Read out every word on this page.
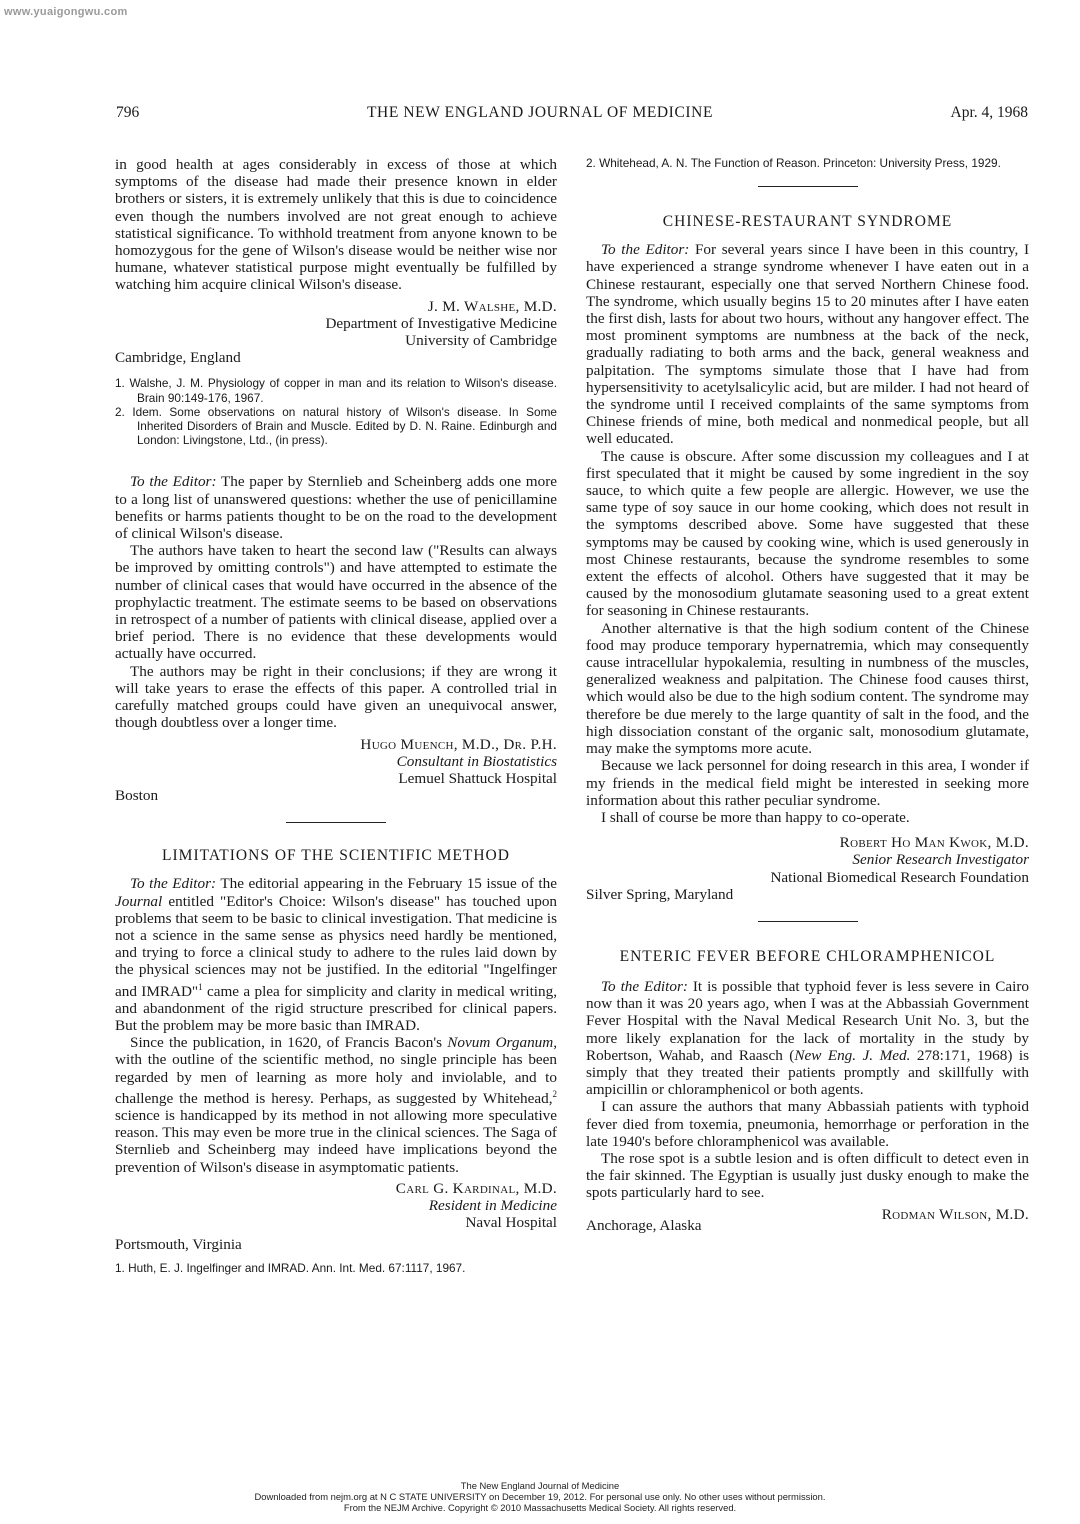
www.yuaigongwu.com
796	THE NEW ENGLAND JOURNAL OF MEDICINE	Apr. 4, 1968

in good health at ages considerably in excess of those at which symptoms of the disease had made their presence known in elder brothers or sisters, it is extremely unlikely that this is due to coincidence even though the numbers involved are not great enough to achieve statistical significance. To withhold treatment from anyone known to be homozygous for the gene of Wilson's disease would be neither wise nor humane, whatever statistical purpose might eventually be fulfilled by watching him acquire clinical Wilson's disease.

J. M. Walshe, M.D.
Department of Investigative Medicine
University of Cambridge
Cambridge, England

1. Walshe, J. M. Physiology of copper in man and its relation to Wilson's disease. Brain 90:149-176, 1967.

2. Idem. Some observations on natural history of Wilson's disease. In Some Inherited Disorders of Brain and Muscle. Edited by D. N. Raine. Edinburgh and London: Livingstone, Ltd., (in press).

To the Editor: The paper by Sternlieb and Scheinberg adds one more to a long list of unanswered questions: whether the use of penicillamine benefits or harms patients thought to be on the road to the development of clinical Wilson's disease.

The authors have taken to heart the second law ("Results can always be improved by omitting controls") and have attempted to estimate the number of clinical cases that would have occurred in the absence of the prophylactic treatment. The estimate seems to be based on observations in retrospect of a number of patients with clinical disease, applied over a brief period. There is no evidence that these developments would actually have occurred.

The authors may be right in their conclusions; if they are wrong it will take years to erase the effects of this paper. A controlled trial in carefully matched groups could have given an unequivocal answer, though doubtless over a longer time.

Hugo Muench, M.D., Dr. P.H.
Consultant in Biostatistics
Lemuel Shattuck Hospital
Boston

LIMITATIONS OF THE SCIENTIFIC METHOD

To the Editor: The editorial appearing in the February 15 issue of the Journal entitled "Editor's Choice: Wilson's disease" has touched upon problems that seem to be basic to clinical investigation. That medicine is not a science in the same sense as physics need hardly be mentioned, and trying to force a clinical study to adhere to the rules laid down by the physical sciences may not be justified. In the editorial "Ingelfinger and IMRAD"$^1$ came a plea for simplicity and clarity in medical writing, and abandonment of the rigid structure prescribed for clinical papers. But the problem may be more basic than IMRAD.

Since the publication, in 1620, of Francis Bacon's Novum Organum, with the outline of the scientific method, no single principle has been regarded by men of learning as more holy and inviolable, and to challenge the method is heresy. Perhaps, as suggested by Whitehead,$^2$ science is handicapped by its method in not allowing more speculative reason. This may even be more true in the clinical sciences. The Saga of Sternlieb and Scheinberg may indeed have implications beyond the prevention of Wilson's disease in asymptomatic patients.

Carl G. Kardinal, M.D.
Resident in Medicine
Naval Hospital
Portsmouth, Virginia

1. Huth, E. J. Ingelfinger and IMRAD. Ann. Int. Med. 67:1117, 1967.

2. Whitehead, A. N. The Function of Reason. Princeton: University Press, 1929.

CHINESE-RESTAURANT SYNDROME

To the Editor: For several years since I have been in this country, I have experienced a strange syndrome whenever I have eaten out in a Chinese restaurant, especially one that served Northern Chinese food. The syndrome, which usually begins 15 to 20 minutes after I have eaten the first dish, lasts for about two hours, without any hangover effect. The most prominent symptoms are numbness at the back of the neck, gradually radiating to both arms and the back, general weakness and palpitation. The symptoms simulate those that I have had from hypersensitivity to acetylsalicylic acid, but are milder. I had not heard of the syndrome until I received complaints of the same symptoms from Chinese friends of mine, both medical and nonmedical people, but all well educated.

The cause is obscure. After some discussion my colleagues and I at first speculated that it might be caused by some ingredient in the soy sauce, to which quite a few people are allergic. However, we use the same type of soy sauce in our home cooking, which does not result in the symptoms described above. Some have suggested that these symptoms may be caused by cooking wine, which is used generously in most Chinese restaurants, because the syndrome resembles to some extent the effects of alcohol. Others have suggested that it may be caused by the monosodium glutamate seasoning used to a great extent for seasoning in Chinese restaurants.

Another alternative is that the high sodium content of the Chinese food may produce temporary hypernatremia, which may consequently cause intracellular hypokalemia, resulting in numbness of the muscles, generalized weakness and palpitation. The Chinese food causes thirst, which would also be due to the high sodium content. The syndrome may therefore be due merely to the large quantity of salt in the food, and the high dissociation constant of the organic salt, monosodium glutamate, may make the symptoms more acute.

Because we lack personnel for doing research in this area, I wonder if my friends in the medical field might be interested in seeking more information about this rather peculiar syndrome.

I shall of course be more than happy to co-operate.

Robert Ho Man Kwok, M.D.
Senior Research Investigator
National Biomedical Research Foundation
Silver Spring, Maryland

ENTERIC FEVER BEFORE CHLORAMPHENICOL

To the Editor: It is possible that typhoid fever is less severe in Cairo now than it was 20 years ago, when I was at the Abbassiah Government Fever Hospital with the Naval Medical Research Unit No. 3, but the more likely explanation for the lack of mortality in the study by Robertson, Wahab, and Raasch (New Eng. J. Med. 278:171, 1968) is simply that they treated their patients promptly and skillfully with ampicillin or chloramphenicol or both agents.

I can assure the authors that many Abbassiah patients with typhoid fever died from toxemia, pneumonia, hemorrhage or perforation in the late 1940's before chloramphenicol was available.

The rose spot is a subtle lesion and is often difficult to detect even in the fair skinned. The Egyptian is usually just dusky enough to make the spots particularly hard to see.

Rodman Wilson, M.D.
Anchorage, Alaska
The New England Journal of Medicine
Downloaded from nejm.org at N C STATE UNIVERSITY on December 19, 2012. For personal use only. No other uses without permission.
From the NEJM Archive. Copyright © 2010 Massachusetts Medical Society. All rights reserved.
